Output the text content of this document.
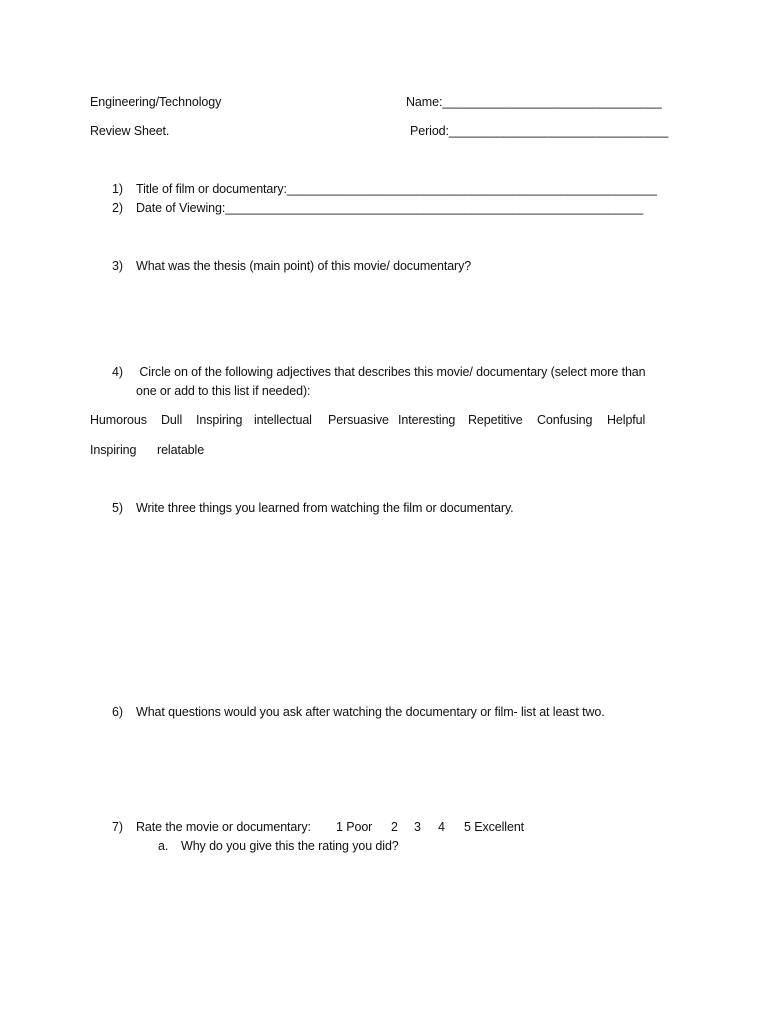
Engineering/Technology
Review Sheet.
Name:________________________________
Period:________________________________
1) Title of film or documentary:______________________________________________________
2) Date of Viewing:_____________________________________________________________
3) What was the thesis (main point) of this movie/ documentary?
4) Circle on of the following adjectives that describes this movie/ documentary (select more than
one or add to this list if needed):
Humorous Dull Inspiring intellectual Persuasive Interesting Repetitive Confusing Helpful
Inspiring relatable
5) Write three things you learned from watching the film or documentary.
6) What questions would you ask after watching the documentary or film- list at least two.
7) Rate the movie or documentary: 1 Poor 2 3 4 5 Excellent
a. Why do you give this the rating you did?
